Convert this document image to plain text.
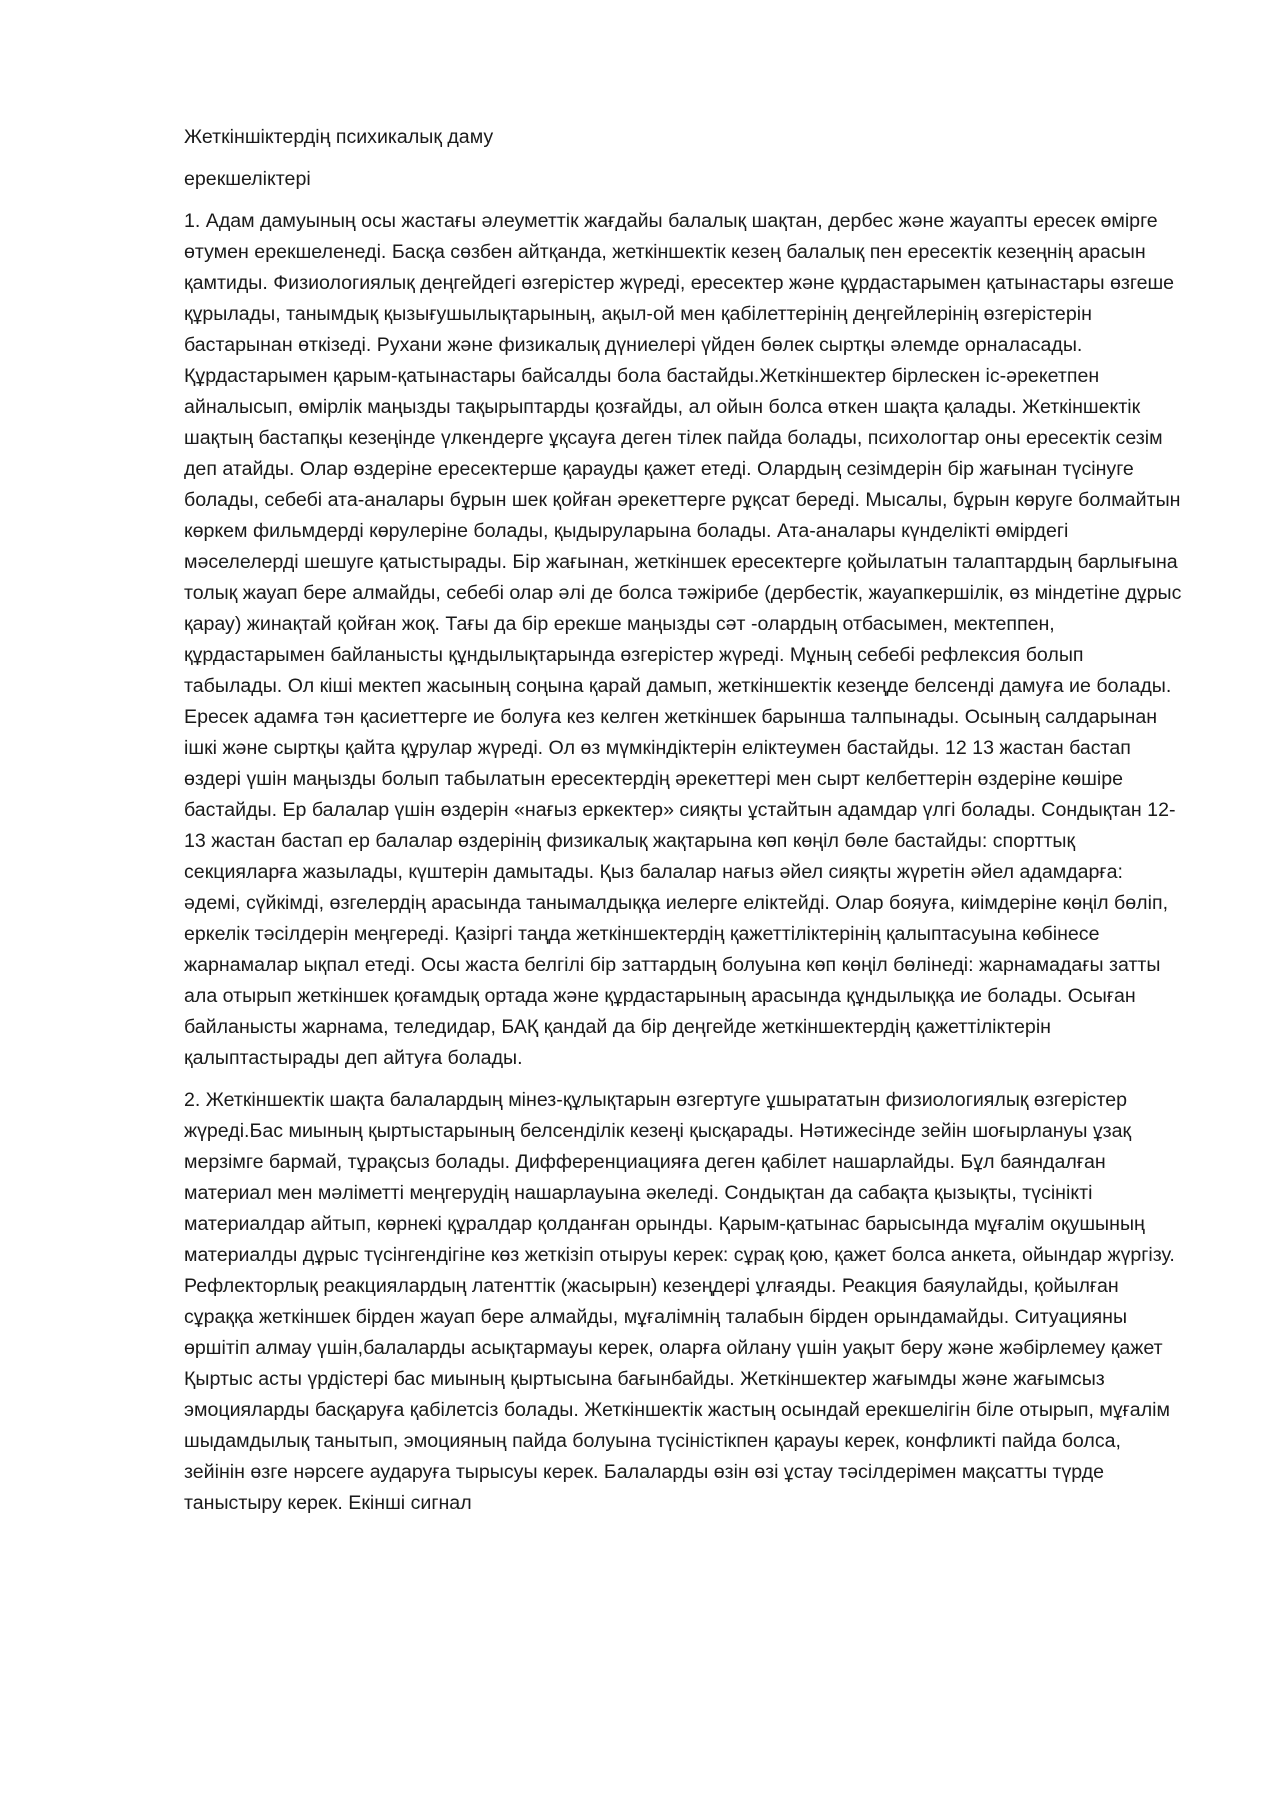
Жеткіншіктердің психикалық даму

ерекшеліктері

1. Адам дамуының осы жастағы әлеуметтік жағдайы балалық шақтан, дербес және жауапты ересек өмірге өтумен ерекшеленеді. Басқа сөзбен айтқанда, жеткіншектік кезең балалық пен ересектік кезеңнің арасын қамтиды. Физиологиялық деңгейдегі өзгерістер жүреді, ересектер және құрдастарымен қатынастары өзгеше құрылады, танымдық қызығушылықтарының, ақыл-ой мен қабілеттерінің деңгейлерінің өзгерістерін бастарынан өткізеді. Рухани және физикалық дүниелері үйден бөлек сыртқы әлемде орналасады. Құрдастарымен қарым-қатынастары байсалды бола бастайды.Жеткіншектер бірлескен іс-әрекетпен айналысып, өмірлік маңызды тақырыптарды қозғайды, ал ойын болса өткен шақта қалады. Жеткіншектік шақтың бастапқы кезеңінде үлкендерге ұқсауға деген тілек пайда болады, психологтар оны ересектік сезім деп атайды. Олар өздеріне ересектерше қарауды қажет етеді. Олардың сезімдерін бір жағынан түсінуге болады, себебі ата-аналары бұрын шек қойған әрекеттерге рұқсат береді. Мысалы, бұрын көруге болмайтын көркем фильмдерді көрулеріне болады, қыдыруларына болады. Ата-аналары күнделікті өмірдегі мәселелерді шешуге қатыстырады. Бір жағынан, жеткіншек ересектерге қойылатын талаптардың барлығына толық жауап бере алмайды, себебі олар әлі де болса тәжірибе (дербестік, жауапкершілік, өз міндетіне дұрыс қарау) жинақтай қойған жоқ. Тағы да бір ерекше маңызды сәт -олардың отбасымен, мектеппен, құрдастарымен байланысты құндылықтарында өзгерістер жүреді. Мұның себебі рефлексия болып табылады. Ол кіші мектеп жасының соңына қарай дамып, жеткіншектік кезеңде белсенді дамуға ие болады. Ересек адамға тән қасиеттерге ие болуға кез келген жеткіншек барынша талпынады. Осының салдарынан ішкі және сыртқы қайта құрулар жүреді. Ол өз мүмкіндіктерін еліктеумен бастайды. 12 13 жастан бастап өздері үшін маңызды болып табылатын ересектердің әрекеттері мен сырт келбеттерін өздеріне көшіре бастайды. Ер балалар үшін өздерін «нағыз еркектер» сияқты ұстайтын адамдар үлгі болады. Сондықтан 12-13 жастан бастап ер балалар өздерінің физикалық жақтарына көп көңіл бөле бастайды: спорттық секцияларға жазылады, күштерін дамытады. Қыз балалар нағыз әйел сияқты жүретін әйел адамдарға: әдемі, сүйкімді, өзгелердің арасында танымалдыққа иелерге еліктейді. Олар бояуға, киімдеріне көңіл бөліп, еркелік тәсілдерін меңгереді. Қазіргі таңда жеткіншектердің қажеттіліктерінің қалыптасуына көбінесе жарнамалар ықпал етеді. Осы жаста белгілі бір заттардың болуына көп көңіл бөлінеді: жарнамадағы затты ала отырып жеткіншек қоғамдық ортада және құрдастарының арасында құндылыққа ие болады. Осыған байланысты жарнама, теледидар, БАҚ қандай да бір деңгейде жеткіншектердің қажеттіліктерін қалыптастырады деп айтуға болады.

2. Жеткіншектік шақта балалардың мінез-құлықтарын өзгертуге ұшырататын физиологиялық өзгерістер жүреді.Бас миының қыртыстарының белсенділік кезеңі қысқарады. Нәтижесінде зейін шоғырлануы ұзақ мерзімге бармай, тұрақсыз болады. Дифференциацияға деген қабілет нашарлайды. Бұл баяндалған материал мен мәліметті меңгерудің нашарлауына әкеледі. Сондықтан да сабақта қызықты, түсінікті материалдар айтып, көрнекі құралдар қолданған орынды. Қарым-қатынас барысында мұғалім оқушының материалды дұрыс түсінгендігіне көз жеткізіп отыруы керек: сұрақ қою, қажет болса анкета, ойындар жүргізу. Рефлекторлық реакциялардың латенттік (жасырын) кезеңдері ұлғаяды. Реакция баяулайды, қойылған сұраққа жеткіншек бірден жауап бере алмайды, мұғалімнің талабын бірден орындамайды. Ситуацияны өршітіп алмау үшін,балаларды асықтармауы керек, оларға ойлану үшін уақыт беру және жәбірлемеу қажет Қыртыс асты үрдістері бас миының қыртысына бағынбайды. Жеткіншектер жағымды және жағымсыз эмоцияларды басқаруға қабілетсіз болады. Жеткіншектік жастың осындай ерекшелігін біле отырып, мұғалім шыдамдылық танытып, эмоцияның пайда болуына түсіністікпен қарауы керек, конфликті пайда болса, зейінін өзге нәрсеге аударуға тырысуы керек. Балаларды өзін өзі ұстау тәсілдерімен мақсатты түрде таныстыру керек. Екінші сигнал
